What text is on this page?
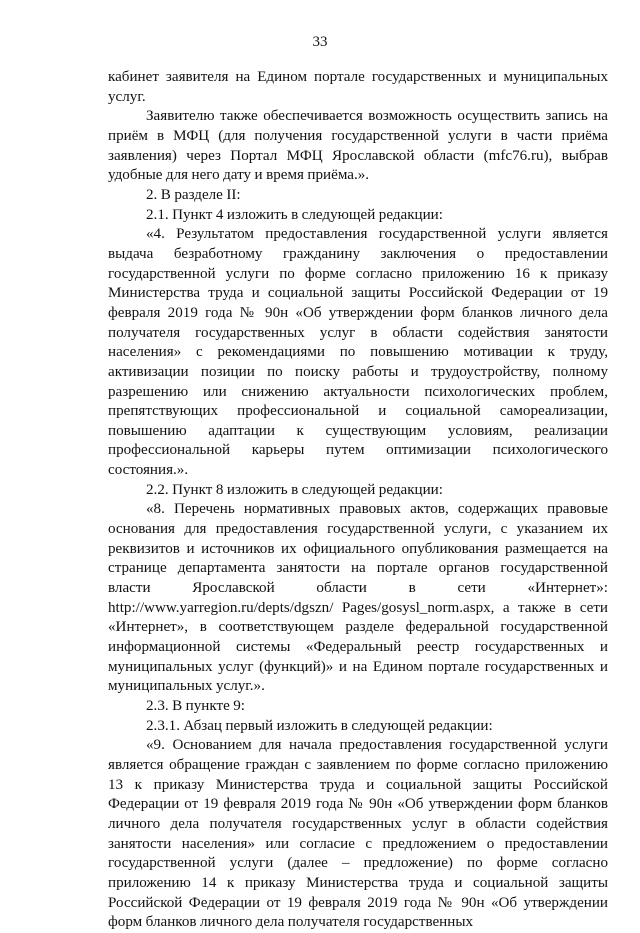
33

кабинет заявителя на Едином портале государственных и муниципальных услуг.

Заявителю также обеспечивается возможность осуществить запись на приём в МФЦ (для получения государственной услуги в части приёма заявления) через Портал МФЦ Ярославской области (mfc76.ru), выбрав удобные для него дату и время приёма.».

2. В разделе II:

2.1. Пункт 4 изложить в следующей редакции:

«4. Результатом предоставления государственной услуги является выдача безработному гражданину заключения о предоставлении государственной услуги по форме согласно приложению 16 к приказу Министерства труда и социальной защиты Российской Федерации от 19 февраля 2019 года № 90н «Об утверждении форм бланков личного дела получателя государственных услуг в области содействия занятости населения» с рекомендациями по повышению мотивации к труду, активизации позиции по поиску работы и трудоустройству, полному разрешению или снижению актуальности психологических проблем, препятствующих профессиональной и социальной самореализации, повышению адаптации к существующим условиям, реализации профессиональной карьеры путем оптимизации психологического состояния.».

2.2. Пункт 8 изложить в следующей редакции:

«8. Перечень нормативных правовых актов, содержащих правовые основания для предоставления государственной услуги, с указанием их реквизитов и источников их официального опубликования размещается на странице департамента занятости на портале органов государственной власти Ярославской области в сети «Интернет»: http://www.yarregion.ru/depts/dgszn/ Pages/gosysl_norm.aspx, а также в сети «Интернет», в соответствующем разделе федеральной государственной информационной системы «Федеральный реестр государственных и муниципальных услуг (функций)» и на Едином портале государственных и муниципальных услуг.».

2.3. В пункте 9:

2.3.1. Абзац первый изложить в следующей редакции:

«9. Основанием для начала предоставления государственной услуги является обращение граждан с заявлением по форме согласно приложению 13 к приказу Министерства труда и социальной защиты Российской Федерации от 19 февраля 2019 года № 90н «Об утверждении форм бланков личного дела получателя государственных услуг в области содействия занятости населения» или согласие с предложением о предоставлении государственной услуги (далее – предложение) по форме согласно приложению 14 к приказу Министерства труда и социальной защиты Российской Федерации от 19 февраля 2019 года № 90н «Об утверждении форм бланков личного дела получателя государственных
